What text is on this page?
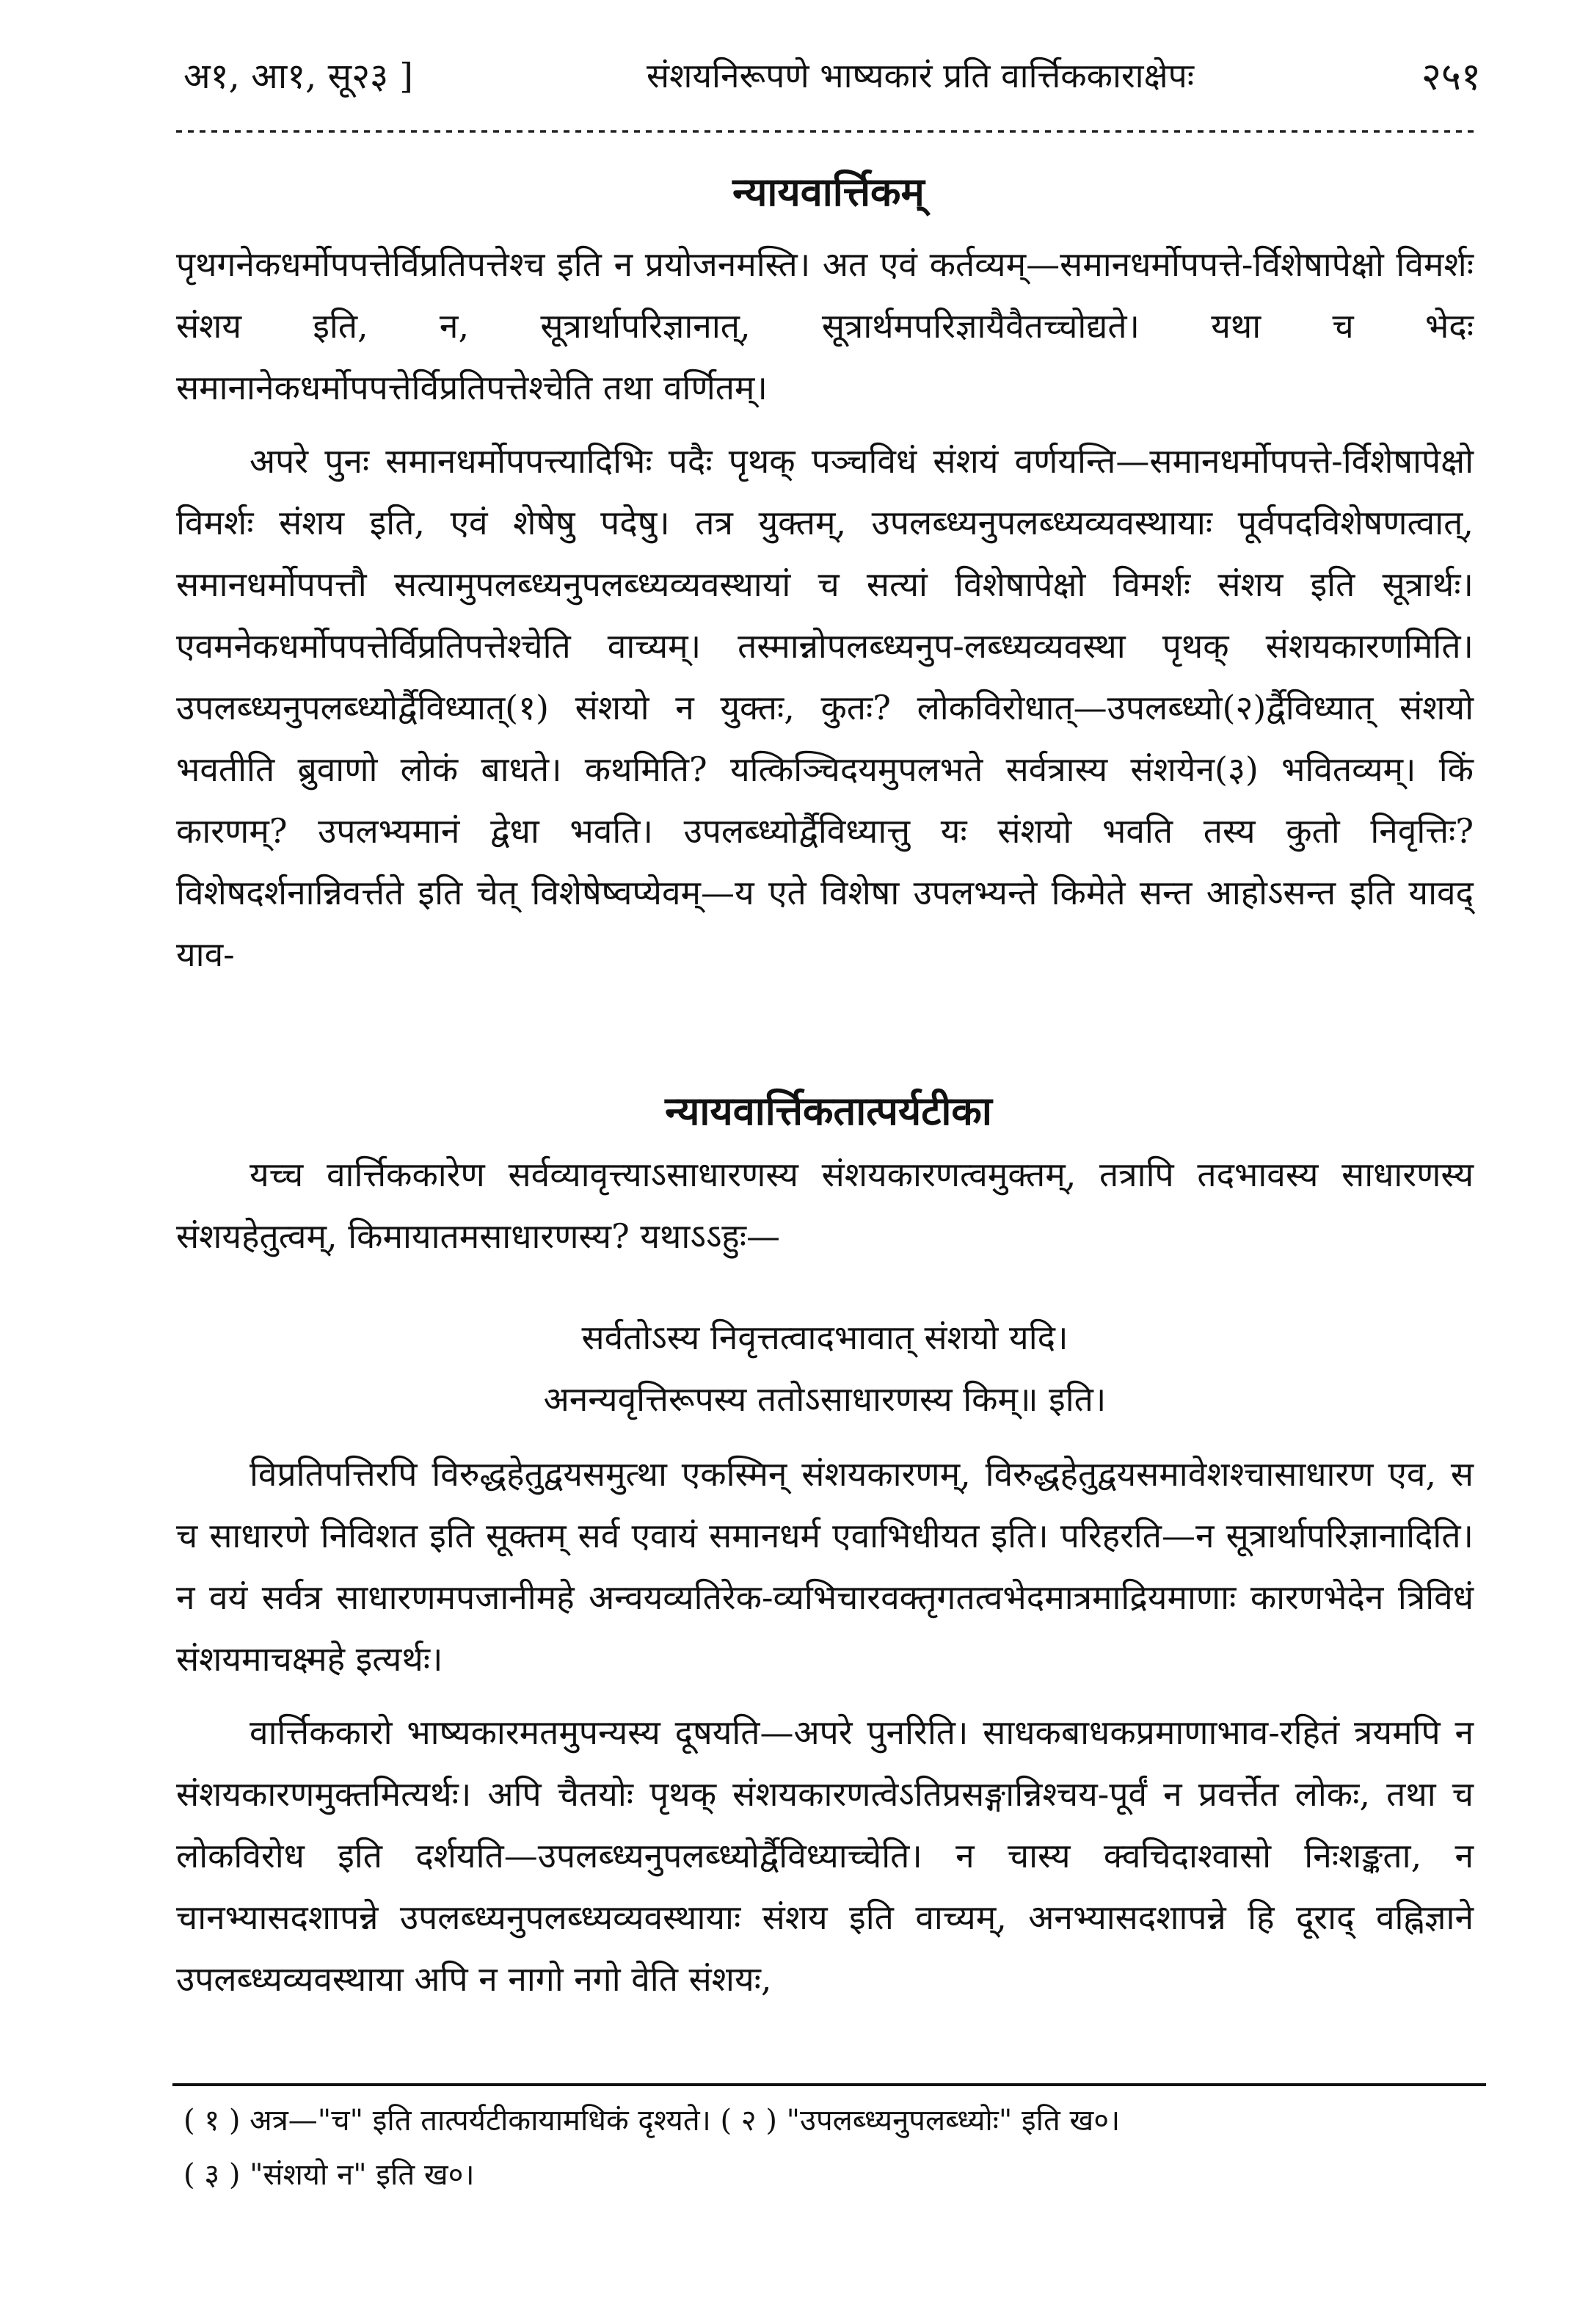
अ१, आ१, सू२३ ]	संशयनिरूपणे भाष्यकारं प्रति वार्त्तिककाराक्षेपः	२५१
न्यायवार्त्तिकम्

पृथगनेकधर्मोपपत्तेर्विप्रतिपत्तेश्च इति न प्रयोजनमस्ति। अत एवं कर्तव्यम्—समानधर्मोपपत्ते-र्विशेषापेक्षो विमर्शः संशय इति, न, सूत्रार्थापरिज्ञानात्, सूत्रार्थमपरिज्ञायैवैतच्चोद्यते। यथा च भेदः समानानेकधर्मोपपत्तेर्विप्रतिपत्तेश्चेति तथा वर्णितम्।

अपरे पुनः समानधर्मोपपत्त्यादिभिः पदैः पृथक् पञ्चविधं संशयं वर्णयन्ति—समानधर्मोपपत्ते-र्विशेषापेक्षो विमर्शः संशय इति, एवं शेषेषु पदेषु। तत्र युक्तम्, उपलब्ध्यनुपलब्ध्यव्यवस्थायाः पूर्वपदविशेषणत्वात्, समानधर्मोपपत्तौ सत्यामुपलब्ध्यनुपलब्ध्यव्यवस्थायां च सत्यां विशेषापेक्षो विमर्शः संशय इति सूत्रार्थः। एवमनेकधर्मोपपत्तेर्विप्रतिपत्तेश्चेति वाच्यम्। तस्मान्नोपलब्ध्यनुप-लब्ध्यव्यवस्था पृथक् संशयकारणमिति। उपलब्ध्यनुपलब्ध्योर्द्वैविध्यात्(१) संशयो न युक्तः, कुतः? लोकविरोधात्—उपलब्ध्यो(२)र्द्वैविध्यात् संशयो भवतीति ब्रुवाणो लोकं बाधते। कथमिति? यत्किञ्चिदयमुपलभते सर्वत्रास्य संशयेन(३) भवितव्यम्। किं कारणम्? उपलभ्यमानं द्वेधा भवति। उपलब्ध्योर्द्वैविध्यात्तु यः संशयो भवति तस्य कुतो निवृत्तिः? विशेषदर्शनान्निवर्त्तते इति चेत् विशेषेष्वप्येवम्—य एते विशेषा उपलभ्यन्ते किमेते सन्त आहोऽसन्त इति यावद् याव-

न्यायवार्त्तिकतात्पर्यटीका

यच्च वार्त्तिककारेण सर्वव्यावृत्त्याऽसाधारणस्य संशयकारणत्वमुक्तम्, तत्रापि तदभावस्य साधारणस्य संशयहेतुत्वम्, किमायातमसाधारणस्य? यथाऽऽहुः—

सर्वतोऽस्य निवृत्तत्वादभावात् संशयो यदि।
अनन्यवृत्तिरूपस्य ततोऽसाधारणस्य किम्॥ इति।

विप्रतिपत्तिरपि विरुद्धहेतुद्वयसमुत्था एकस्मिन् संशयकारणम्, विरुद्धहेतुद्वयसमावेशश्चासाधारण एव, स च साधारणे निविशत इति सूक्तम् सर्व एवायं समानधर्म एवाभिधीयत इति। परिहरति—न सूत्रार्थापरिज्ञानादिति। न वयं सर्वत्र साधारणमपजानीमहे अन्वयव्यतिरेक-व्यभिचारवक्तृगतत्वभेदमात्रमाद्रियमाणाः कारणभेदेन त्रिविधं संशयमाचक्ष्महे इत्यर्थः।

वार्त्तिककारो भाष्यकारमतमुपन्यस्य दूषयति—अपरे पुनरिति। साधकबाधकप्रमाणाभाव-रहितं त्रयमपि न संशयकारणमुक्तमित्यर्थः। अपि चैतयोः पृथक् संशयकारणत्वेऽतिप्रसङ्गान्निश्चय-पूर्वं न प्रवर्त्तेत लोकः, तथा च लोकविरोध इति दर्शयति—उपलब्ध्यनुपलब्ध्योर्द्वैविध्याच्चेति। न चास्य क्वचिदाश्वासो निःशङ्कता, न चानभ्यासदशापन्ने उपलब्ध्यनुपलब्ध्यव्यवस्थायाः संशय इति वाच्यम्, अनभ्यासदशापन्ने हि दूराद् वह्निज्ञाने उपलब्ध्यव्यवस्थाया अपि न नागो नगो वेति संशयः,

( १ ) अत्र—"च" इति तात्पर्यटीकायामधिकं दृश्यते। ( २ ) "उपलब्ध्यनुपलब्ध्योः" इति ख०।
( ३ ) "संशयो न" इति ख०।
